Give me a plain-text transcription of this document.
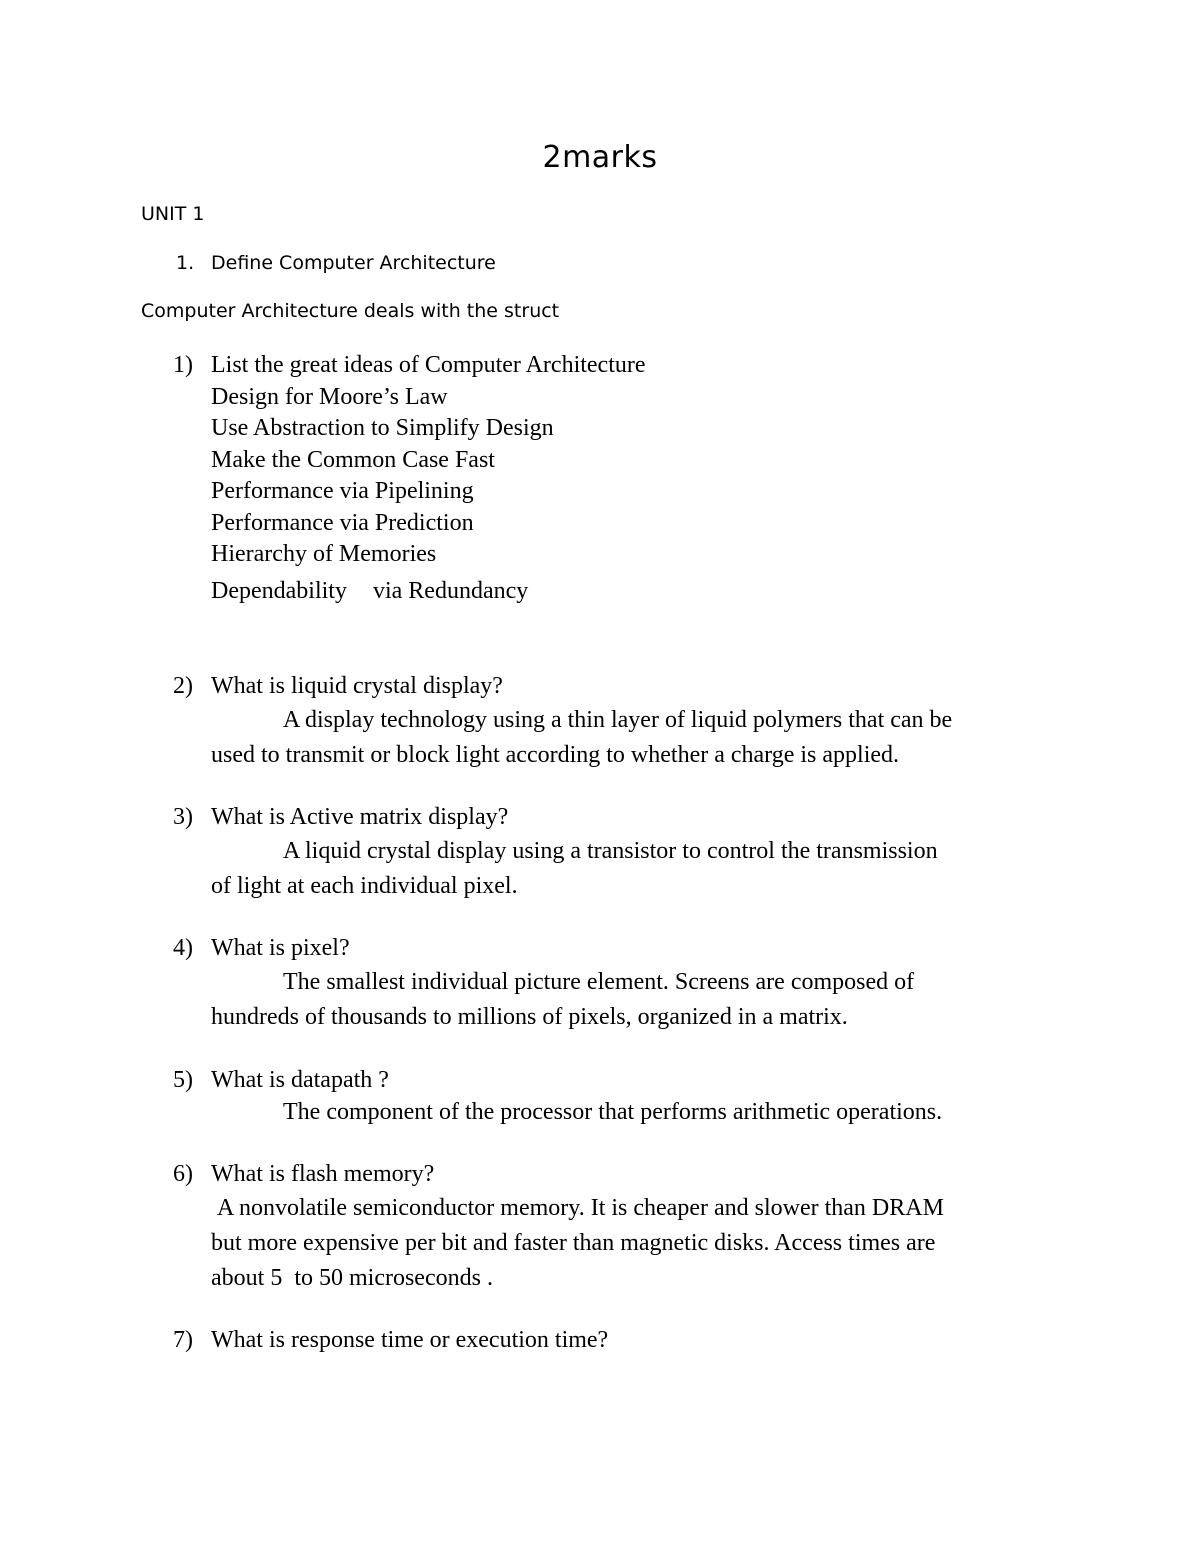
2marks
UNIT 1
1. Define Computer Architecture
Computer Architecture deals with the struct
1) List the great ideas of Computer Architecture
Design for Moore’s Law
Use Abstraction to Simplify Design
Make the Common Case Fast
Performance via Pipelining
Performance via Prediction
Hierarchy of Memories
Dependability via Redundancy
2) What is liquid crystal display?
A display technology using a thin layer of liquid polymers that can be
used to transmit or block light according to whether a charge is applied.
3) What is Active matrix display?
A liquid crystal display using a transistor to control the transmission
of light at each individual pixel.
4) What is pixel?
The smallest individual picture element. Screens are composed of
hundreds of thousands to millions of pixels, organized in a matrix.
5) What is datapath ?
The component of the processor that performs arithmetic operations.
6) What is flash memory?
A nonvolatile semiconductor memory. It is cheaper and slower than DRAM
but more expensive per bit and faster than magnetic disks. Access times are
about 5  to 50 microseconds .
7) What is response time or execution time?
